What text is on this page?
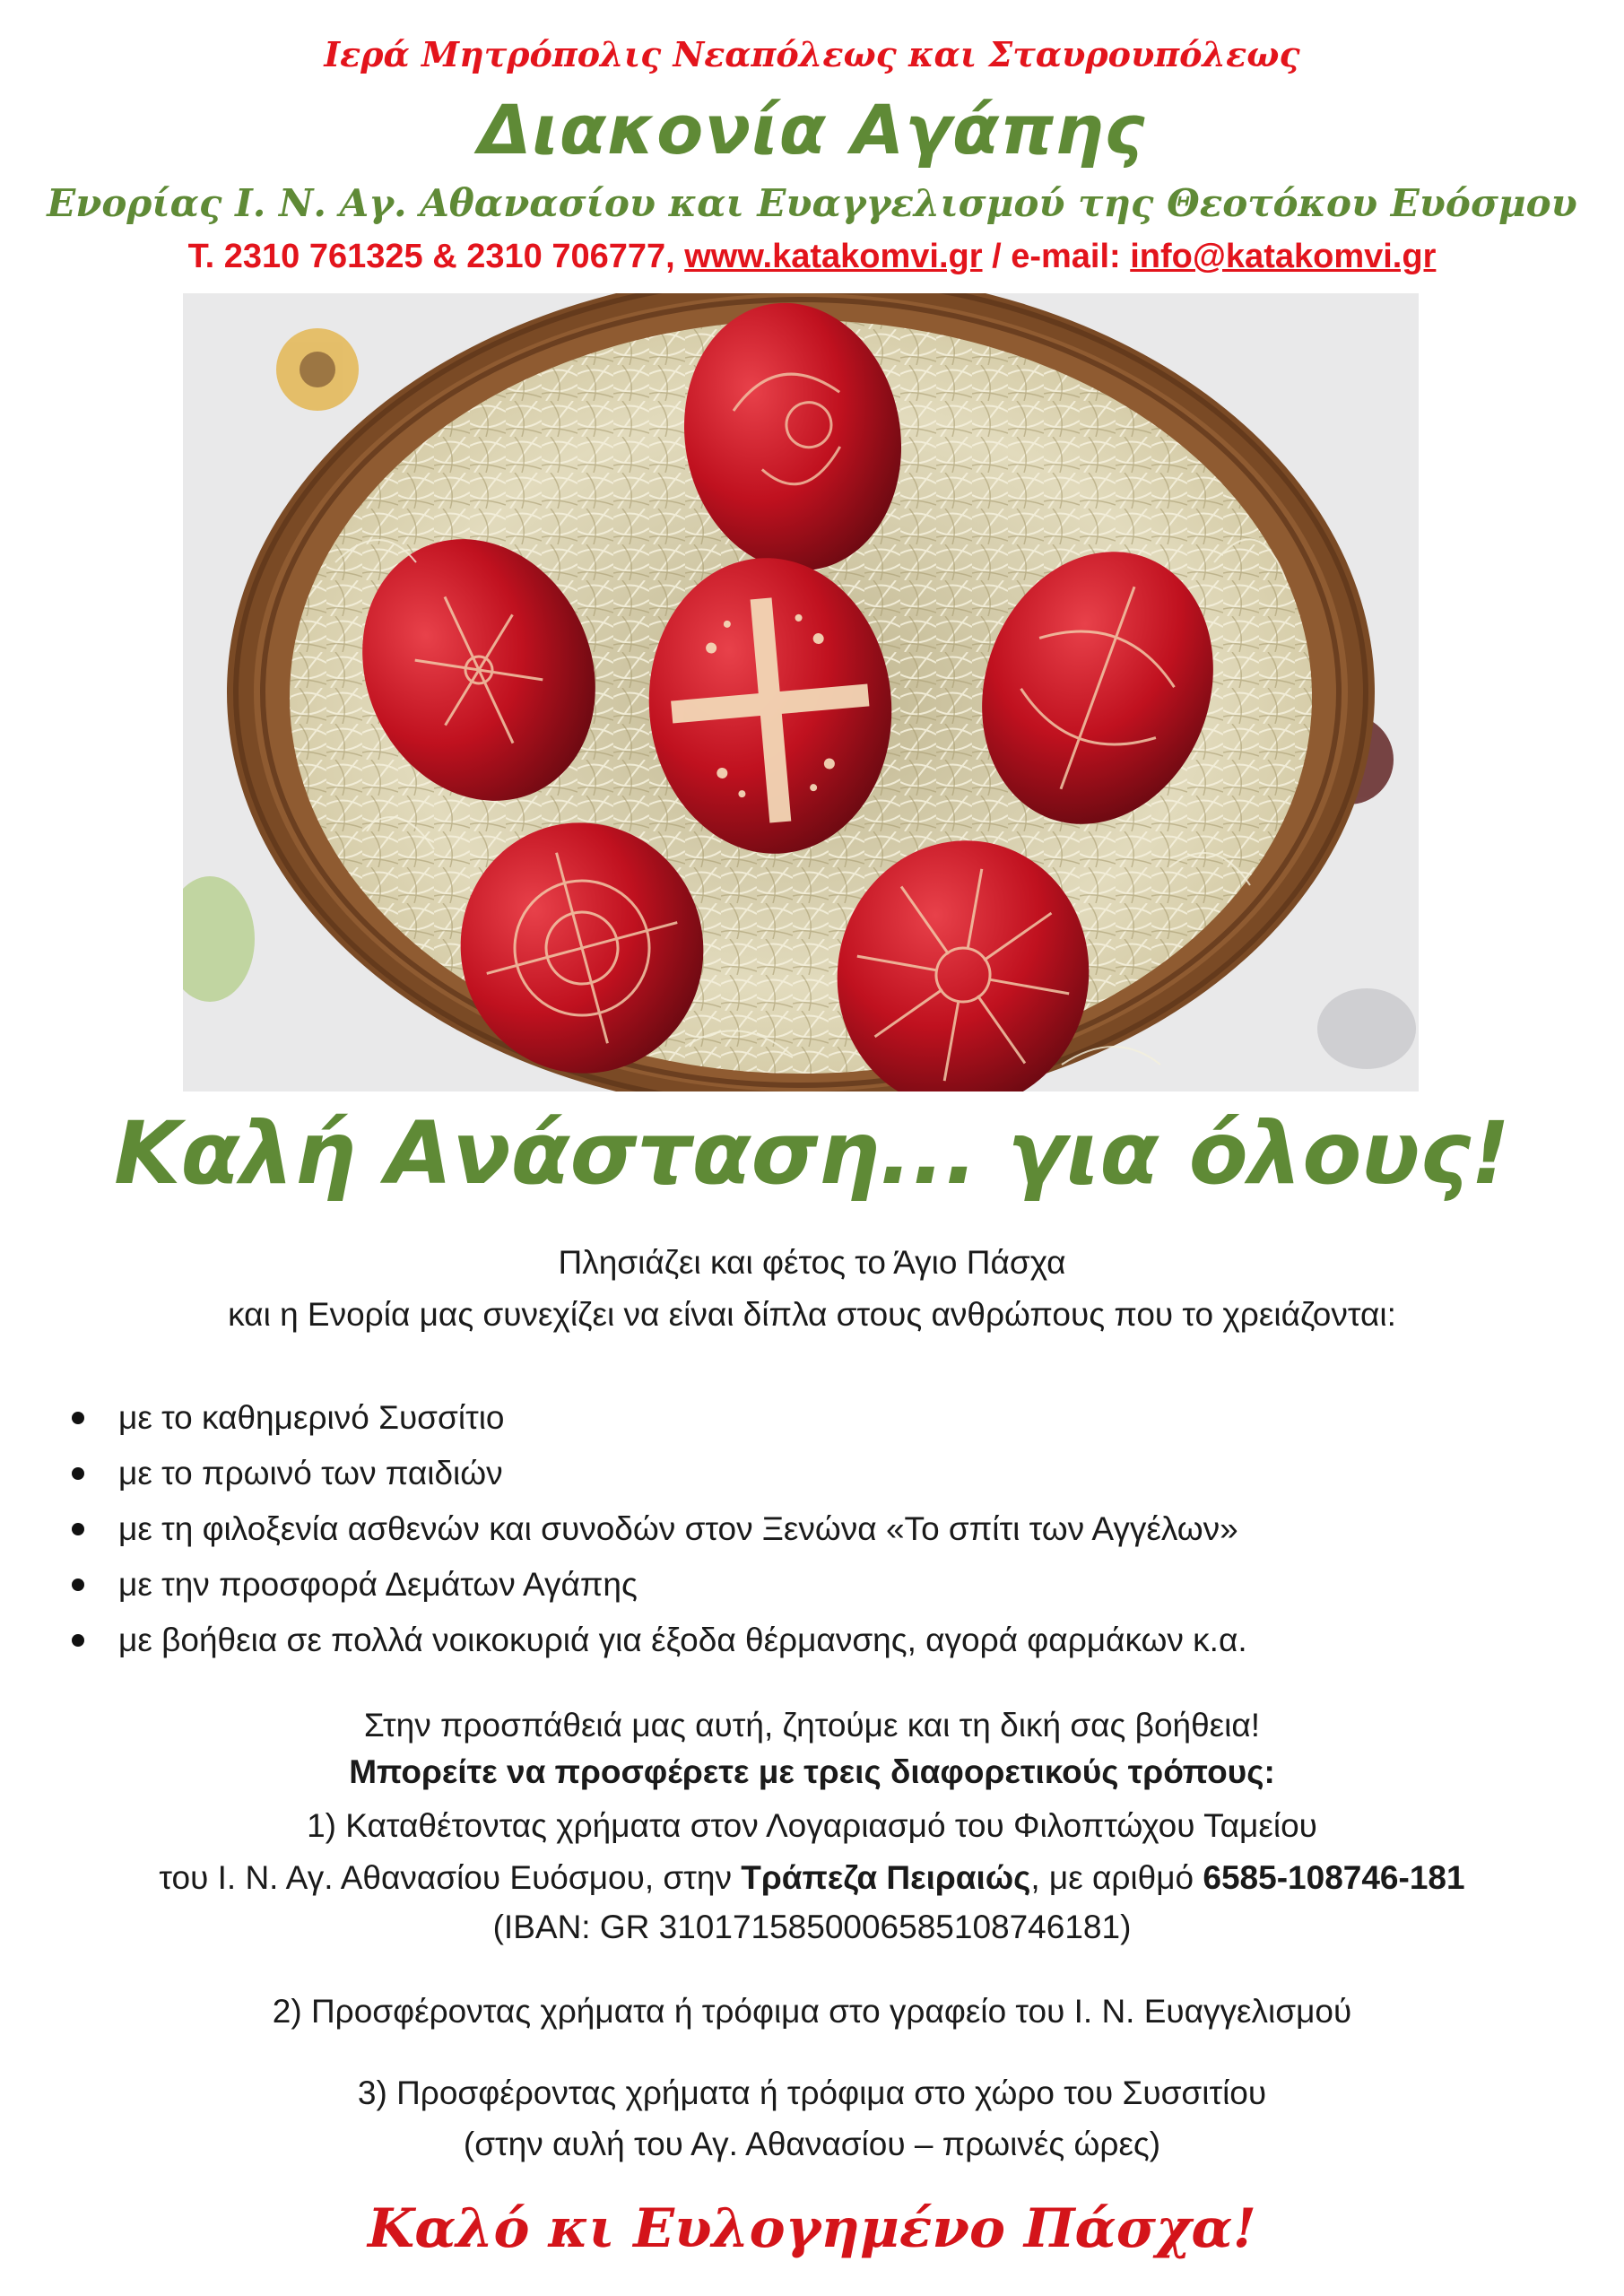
Ιερά Μητρόπολις Νεαπόλεως και Σταυρουπόλεως
Διακονία Αγάπης
Ενορίας Ι. Ν. Αγ. Αθανασίου και Ευαγγελισμού της Θεοτόκου Ευόσμου
Τ. 2310 761325 & 2310 706777, www.katakomvi.gr / e-mail: info@katakomvi.gr
Καλή Ανάσταση... για όλους!
Πλησιάζει και φέτος το Άγιο Πάσχα
και η Ενορία μας συνεχίζει να είναι δίπλα στους ανθρώπους που το χρειάζονται:
με το καθημερινό Συσσίτιο
με το πρωινό των παιδιών
με τη φιλοξενία ασθενών και συνοδών στον Ξενώνα «Το σπίτι των Αγγέλων»
με την προσφορά Δεμάτων Αγάπης
με βοήθεια σε πολλά νοικοκυριά για έξοδα θέρμανσης, αγορά φαρμάκων κ.α.
Στην προσπάθειά μας αυτή, ζητούμε και τη δική σας βοήθεια!
Μπορείτε να προσφέρετε με τρεις διαφορετικούς τρόπους:
1) Καταθέτοντας χρήματα στον Λογαριασμό του Φιλοπτώχου Ταμείου
του Ι. Ν. Αγ. Αθανασίου Ευόσμου, στην Τράπεζα Πειραιώς, με αριθμό 6585-108746-181
(IBAN: GR 3101715850006585108746181)
2) Προσφέροντας χρήματα ή τρόφιμα στο γραφείο του Ι. Ν. Ευαγγελισμού
3) Προσφέροντας χρήματα ή τρόφιμα στο χώρο του Συσσιτίου
(στην αυλή του Αγ. Αθανασίου – πρωινές ώρες)
Καλό κι Ευλογημένο Πάσχα!
